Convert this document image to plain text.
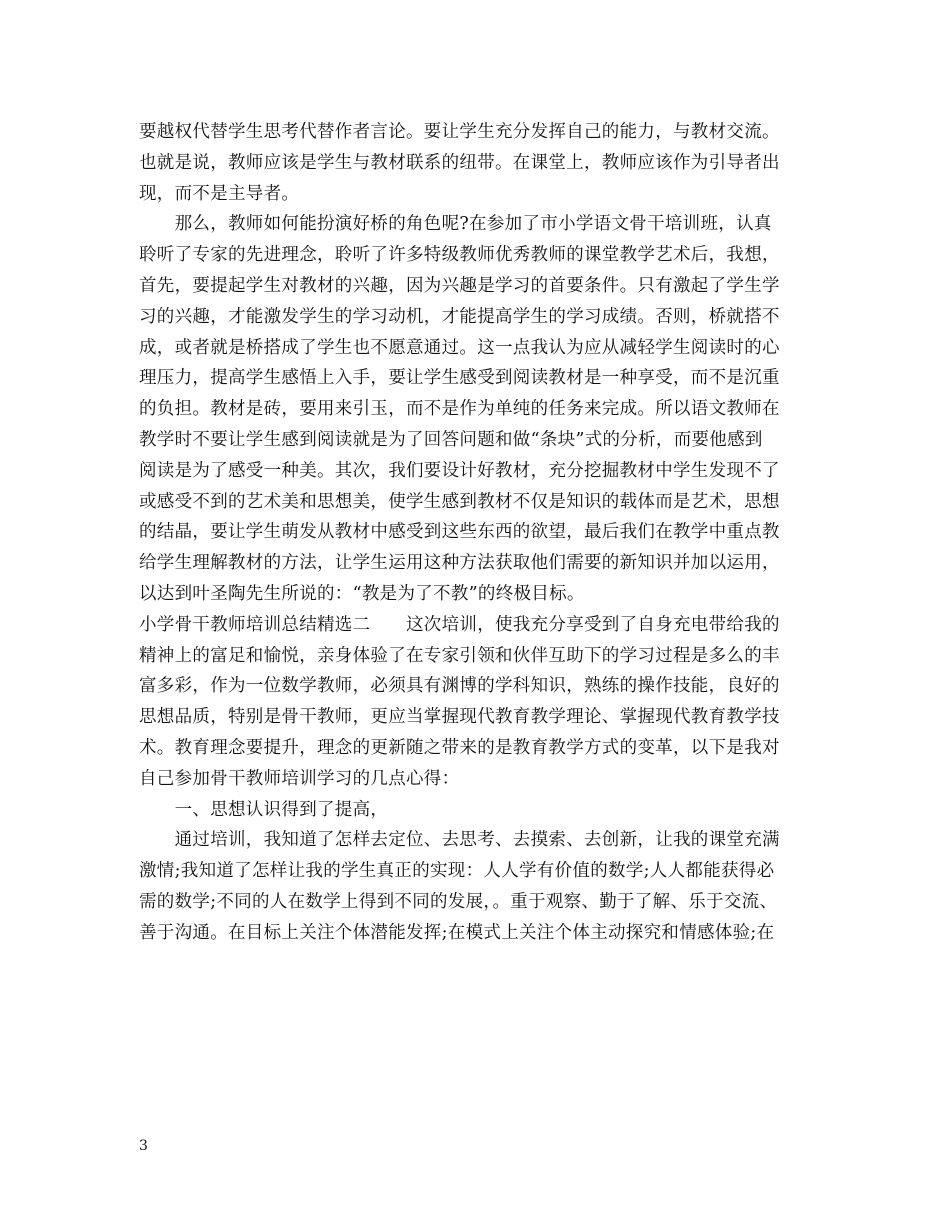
要越权代替学生思考代替作者言论。要让学生充分发挥自己的能力，与教材交流。
也就是说，教师应该是学生与教材联系的纽带。在课堂上，教师应该作为引导者出
现，而不是主导者。
　　那么，教师如何能扮演好桥的角色呢?在参加了市小学语文骨干培训班，认真
聆听了专家的先进理念，聆听了许多特级教师优秀教师的课堂教学艺术后，我想，
首先，要提起学生对教材的兴趣，因为兴趣是学习的首要条件。只有激起了学生学
习的兴趣，才能激发学生的学习动机，才能提高学生的学习成绩。否则，桥就搭不
成，或者就是桥搭成了学生也不愿意通过。这一点我认为应从减轻学生阅读时的心
理压力，提高学生感悟上入手，要让学生感受到阅读教材是一种享受，而不是沉重
的负担。教材是砖，要用来引玉，而不是作为单纯的任务来完成。所以语文教师在
教学时不要让学生感到阅读就是为了回答问题和做“条块”式的分析，而要他感到
阅读是为了感受一种美。其次，我们要设计好教材，充分挖掘教材中学生发现不了
或感受不到的艺术美和思想美，使学生感到教材不仅是知识的载体而是艺术，思想
的结晶，要让学生萌发从教材中感受到这些东西的欲望，最后我们在教学中重点教
给学生理解教材的方法，让学生运用这种方法获取他们需要的新知识并加以运用，
以达到叶圣陶先生所说的：“教是为了不教”的终极目标。
小学骨干教师培训总结精选二　　这次培训，使我充分享受到了自身充电带给我的
精神上的富足和愉悦，亲身体验了在专家引领和伙伴互助下的学习过程是多么的丰
富多彩，作为一位数学教师，必须具有渊博的学科知识，熟练的操作技能，良好的
思想品质，特别是骨干教师，更应当掌握现代教育教学理论、掌握现代教育教学技
术。教育理念要提升，理念的更新随之带来的是教育教学方式的变革，以下是我对
自己参加骨干教师培训学习的几点心得：
　　一、思想认识得到了提高，
　　通过培训，我知道了怎样去定位、去思考、去摸索、去创新，让我的课堂充满
激情;我知道了怎样让我的学生真正的实现：人人学有价值的数学;人人都能获得必
需的数学;不同的人在数学上得到不同的发展，。重于观察、勤于了解、乐于交流、
善于沟通。在目标上关注个体潜能发挥;在模式上关注个体主动探究和情感体验;在
3
